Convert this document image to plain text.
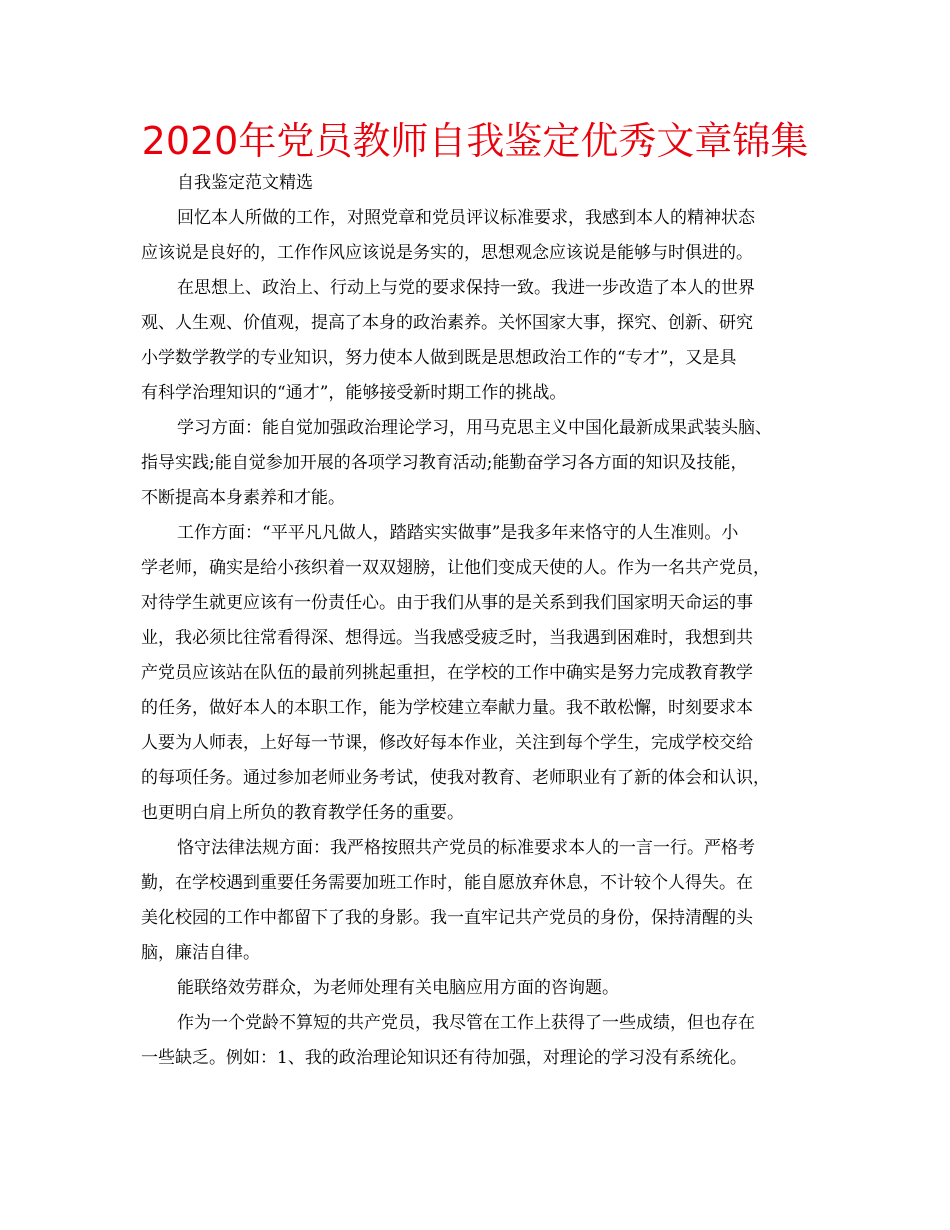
2020年党员教师自我鉴定优秀文章锦集
自我鉴定范文精选
回忆本人所做的工作，对照党章和党员评议标准要求，我感到本人的精神状态
应该说是良好的，工作作风应该说是务实的，思想观念应该说是能够与时俱进的。
在思想上、政治上、行动上与党的要求保持一致。我进一步改造了本人的世界
观、人生观、价值观，提高了本身的政治素养。关怀国家大事，探究、创新、研究
小学数学教学的专业知识，努力使本人做到既是思想政治工作的“专才”，又是具
有科学治理知识的“通才”，能够接受新时期工作的挑战。
学习方面：能自觉加强政治理论学习，用马克思主义中国化最新成果武装头脑、
指导实践;能自觉参加开展的各项学习教育活动;能勤奋学习各方面的知识及技能，
不断提高本身素养和才能。
工作方面：“平平凡凡做人，踏踏实实做事”是我多年来恪守的人生准则。小
学老师，确实是给小孩织着一双双翅膀，让他们变成天使的人。作为一名共产党员，
对待学生就更应该有一份责任心。由于我们从事的是关系到我们国家明天命运的事
业，我必须比往常看得深、想得远。当我感受疲乏时，当我遇到困难时，我想到共
产党员应该站在队伍的最前列挑起重担，在学校的工作中确实是努力完成教育教学
的任务，做好本人的本职工作，能为学校建立奉献力量。我不敢松懈，时刻要求本
人要为人师表，上好每一节课，修改好每本作业，关注到每个学生，完成学校交给
的每项任务。通过参加老师业务考试，使我对教育、老师职业有了新的体会和认识，
也更明白肩上所负的教育教学任务的重要。
恪守法律法规方面：我严格按照共产党员的标准要求本人的一言一行。严格考
勤，在学校遇到重要任务需要加班工作时，能自愿放弃休息，不计较个人得失。在
美化校园的工作中都留下了我的身影。我一直牢记共产党员的身份，保持清醒的头
脑，廉洁自律。
能联络效劳群众，为老师处理有关电脑应用方面的咨询题。
作为一个党龄不算短的共产党员，我尽管在工作上获得了一些成绩，但也存在
一些缺乏。例如：1、我的政治理论知识还有待加强，对理论的学习没有系统化。
